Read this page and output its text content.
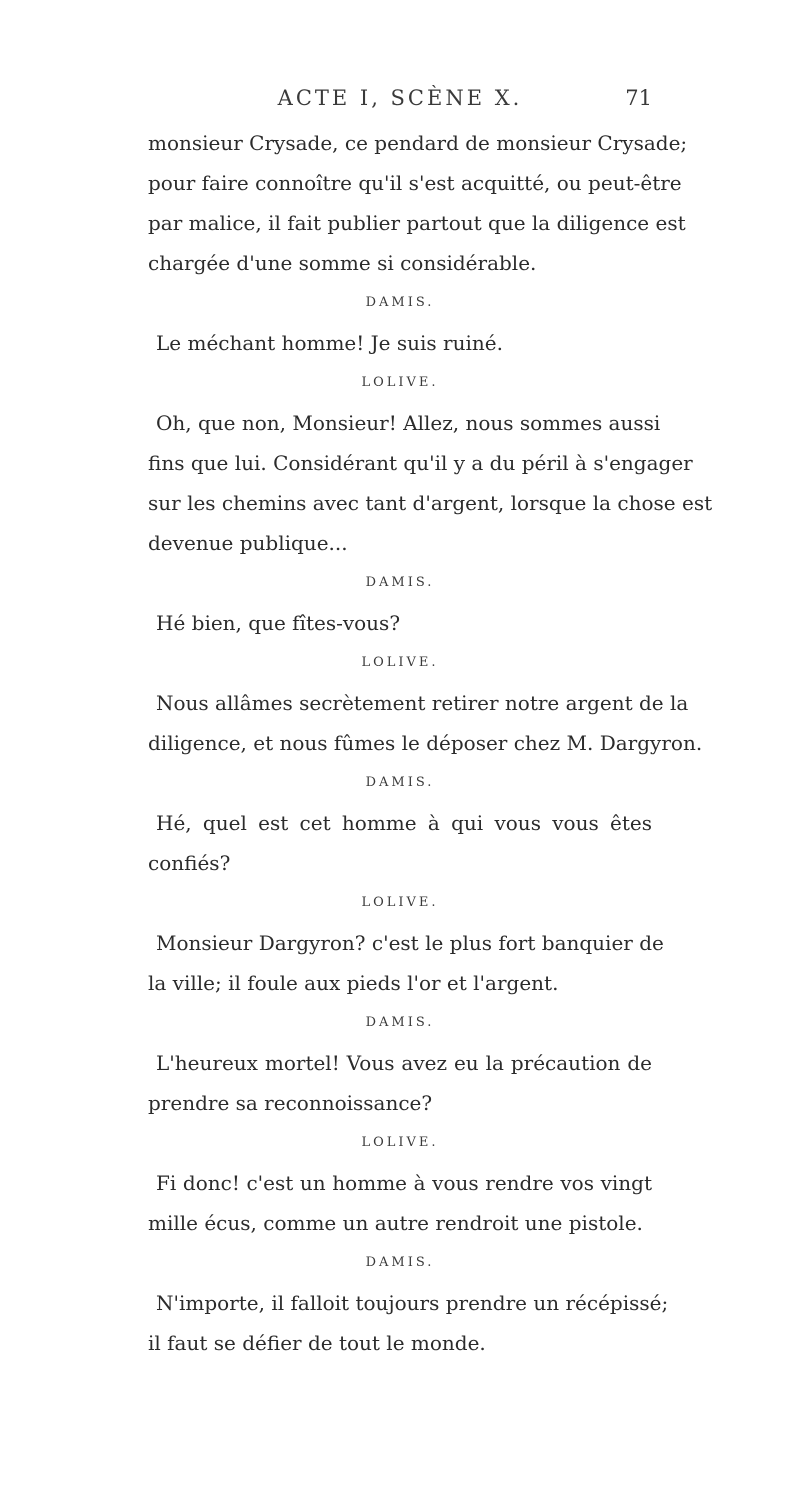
ACTE I, SCÈNE X.	71
monsieur Crysade, ce pendard de monsieur Crysade;
pour faire connoître qu'il s'est acquitté, ou peut-être
par malice, il fait publier partout que la diligence est
chargée d'une somme si considérable.
DAMIS.
Le méchant homme! Je suis ruiné.
LOLIVE.
Oh, que non, Monsieur! Allez, nous sommes aussi
fins que lui. Considérant qu'il y a du péril à s'engager
sur les chemins avec tant d'argent, lorsque la chose est
devenue publique...
DAMIS.
Hé bien, que fîtes-vous?
LOLIVE.
Nous allâmes secrètement retirer notre argent de la
diligence, et nous fûmes le déposer chez M. Dargyron.
DAMIS.
Hé, quel est cet homme à qui vous vous êtes
confiés?
LOLIVE.
Monsieur Dargyron? c'est le plus fort banquier de
la ville; il foule aux pieds l'or et l'argent.
DAMIS.
L'heureux mortel! Vous avez eu la précaution de
prendre sa reconnoissance?
LOLIVE.
Fi donc! c'est un homme à vous rendre vos vingt
mille écus, comme un autre rendroit une pistole.
DAMIS.
N'importe, il falloit toujours prendre un récépissé;
il faut se défier de tout le monde.
